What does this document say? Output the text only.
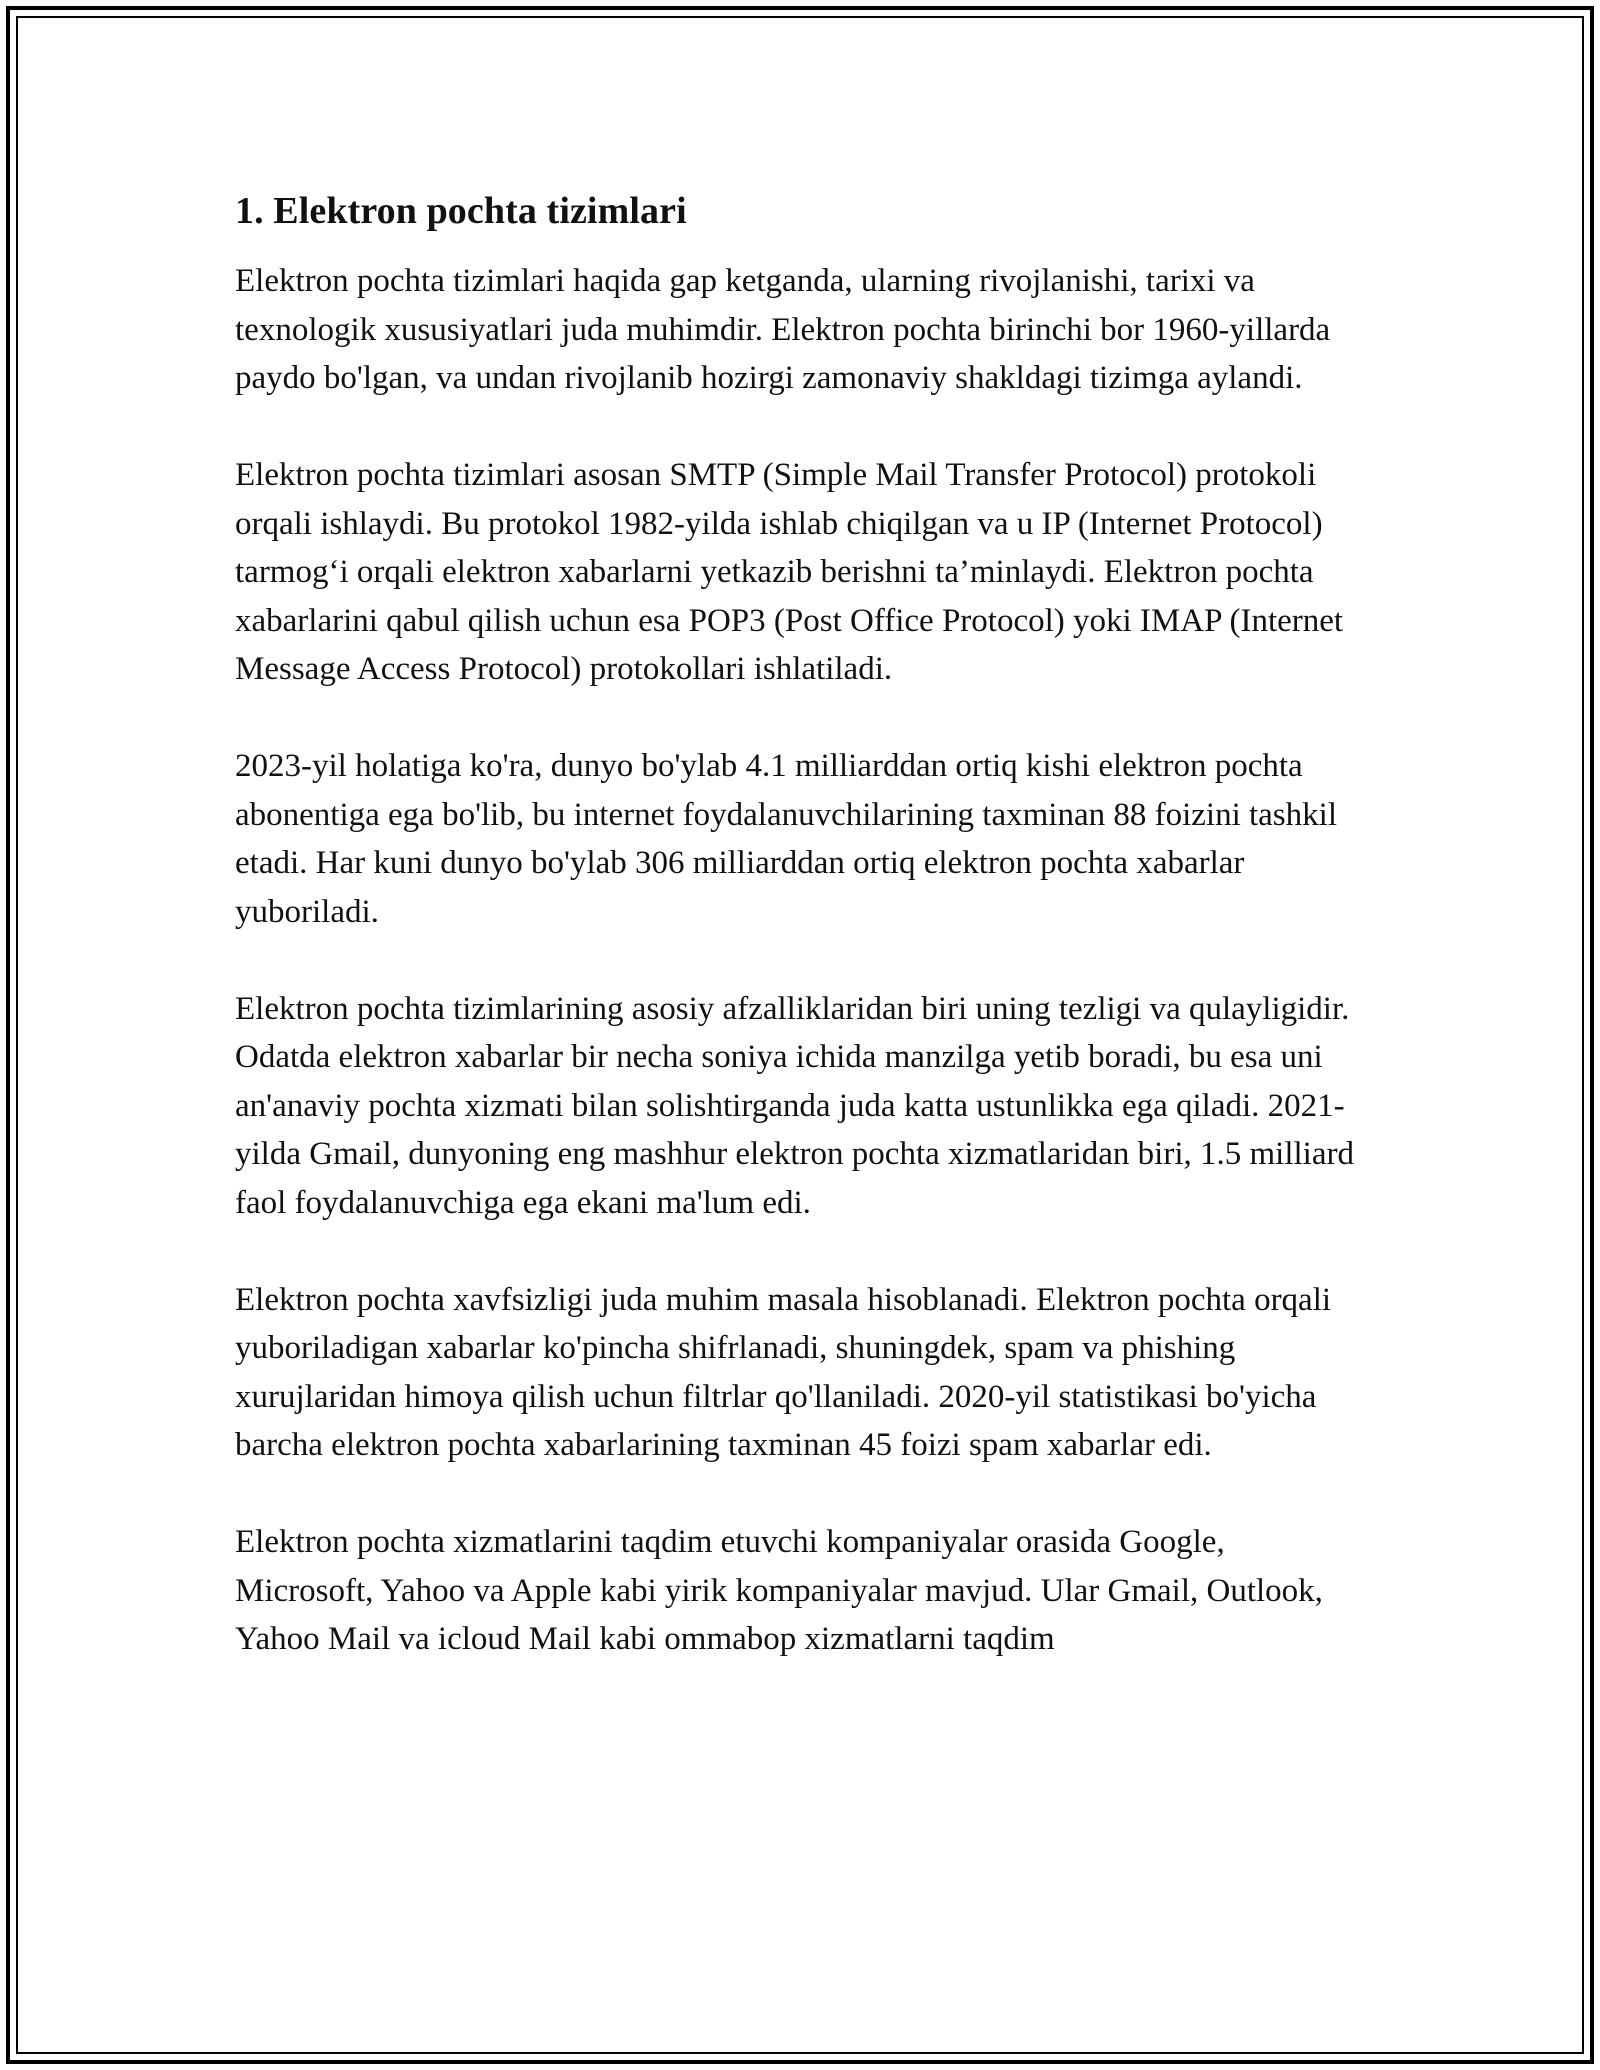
1. Elektron pochta tizimlari

Elektron pochta tizimlari haqida gap ketganda, ularning rivojlanishi, tarixi va texnologik xususiyatlari juda muhimdir. Elektron pochta birinchi bor 1960-yillarda paydo bo'lgan, va undan rivojlanib hozirgi zamonaviy shakldagi tizimga aylandi.

Elektron pochta tizimlari asosan SMTP (Simple Mail Transfer Protocol) protokoli orqali ishlaydi. Bu protokol 1982-yilda ishlab chiqilgan va u IP (Internet Protocol) tarmog‘i orqali elektron xabarlarni yetkazib berishni ta’minlaydi. Elektron pochta xabarlarini qabul qilish uchun esa POP3 (Post Office Protocol) yoki IMAP (Internet Message Access Protocol) protokollari ishlatiladi.

2023-yil holatiga ko'ra, dunyo bo'ylab 4.1 milliarddan ortiq kishi elektron pochta abonentiga ega bo'lib, bu internet foydalanuvchilarining taxminan 88 foizini tashkil etadi. Har kuni dunyo bo'ylab 306 milliarddan ortiq elektron pochta xabarlar yuboriladi.

Elektron pochta tizimlarining asosiy afzalliklaridan biri uning tezligi va qulayligidir. Odatda elektron xabarlar bir necha soniya ichida manzilga yetib boradi, bu esa uni an'anaviy pochta xizmati bilan solishtirganda juda katta ustunlikka ega qiladi. 2021-yilda Gmail, dunyoning eng mashhur elektron pochta xizmatlaridan biri, 1.5 milliard faol foydalanuvchiga ega ekani ma'lum edi.

Elektron pochta xavfsizligi juda muhim masala hisoblanadi. Elektron pochta orqali yuboriladigan xabarlar ko'pincha shifrlanadi, shuningdek, spam va phishing xurujlaridan himoya qilish uchun filtrlar qo'llaniladi. 2020-yil statistikasi bo'yicha barcha elektron pochta xabarlarining taxminan 45 foizi spam xabarlar edi.

Elektron pochta xizmatlarini taqdim etuvchi kompaniyalar orasida Google, Microsoft, Yahoo va Apple kabi yirik kompaniyalar mavjud. Ular Gmail, Outlook, Yahoo Mail va icloud Mail kabi ommabop xizmatlarni taqdim
